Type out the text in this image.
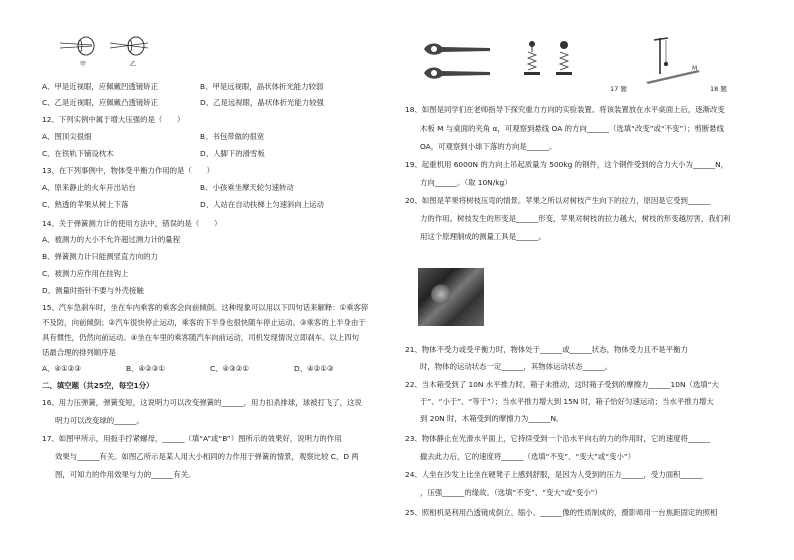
甲	乙
A、甲是近视眼，应佩戴凹透镜矫正	B、甲是远视眼，晶状体折光能力较弱
C、乙是近视眼，应佩戴凸透镜矫正	D、乙是远视眼，晶状体折光能力较强
12、下列实例中属于增大压强的是（　　）
A、图顶尖很细	B、书包带做的很宽
C、在铁轨下铺设枕木	D、人脚下的滑雪板
13、在下列事例中，物体受平衡力作用的是（　　）
A、原来静止的火车开出站台	B、小孩乘坐摩天轮匀速转动
C、熟透的苹果从树上下落	D、人站在自动扶梯上匀速斜向上运动
14、关于弹簧测力计的使用方法中，错误的是（　　）
A、被测力的大小不允许超过测力计的量程
B、弹簧测力计只能测竖直方向的力
C、被测力应作用在挂钩上
D、测量时指针不要与外壳接触
15、汽车急刹车时，坐在车内乘客的乘客会向前倾倒。这种现象可以用以下四句话来解释：①乘客猝
不及防，向前倾倒；②汽车很快停止运动，乘客的下半身也很快随车停止运动。③乘客的上半身由于
具有惯性，仍然向前运动。④坐在车里的乘客随汽车向前运动，司机发现情况立即刹车。以上四句
话最合理的排列顺序是
A、④①②③	B、④②③①	C、④③②①	D、④②①③
二、填空题（共25空，每空1分）
16、用力压弹簧，弹簧变短，这说明力可以改变弹簧的______，用力扣杀排球，球被打飞了，这说
明力可以改变球的______。
17、如图甲所示，用扳手拧紧螺母，______（填“A”或“B”）图所示的效果好，说明力的作用
效果与______有关。如图乙所示是某人用大小相同的力作用于弹簧的情景，观察比较 C、D 两
图，可知力的作用效果与力的______有关。
17 题
M
18 题
18、如图是同学们在老师指导下探究重力方向的实验装置。将该装置放在水平桌面上后，逐渐改变
木板 M 与桌面的夹角 α，可观察到悬线 OA 的方向______（选填“改变”或“不变”）；剪断悬线
OA，可观察到小球下落的方向是______。
19、起重机用 6000N 的力向上吊起质量为 500kg 的钢件，这个钢件受到的合力大小为______N，
方向______。（取 10N/kg）
20、如图是苹果将树枝压弯的情景。苹果之所以对树枝产生向下的拉力，原因是它受到______
力的作用。树枝发生的形变是______形变，苹果对树枝的拉力越大，树枝的形变越厉害，我们利
用这个原理制成的测量工具是______。
21、物体不受力或受平衡力时，物体处于______或______状态，物体受力且不是平衡力
时，物体的运动状态一定______，其物体运动状态______。
22、当木箱受到了 10N 水平推力时，箱子未推动，这时箱子受到的摩擦力______10N（选填“大
于”、“小于”、“等于”）；当水平推力增大到 15N 时，箱子恰好匀速运动；当水平推力增大
到 20N 时，木箱受到的摩擦力为______N。
23、物体静止在光滑水平面上，它持续受到一个沿水平向右的力的作用时，它的速度将______
撤去此力后，它的速度将______（选填“不变”、“变大”或“变小”）
24、人坐在沙发上比坐在硬凳子上感到舒服，是因为人受到的压力______，受力面积______
，压强______的缘故。（选填“不变”、“变大”或“变小”）
25、照相机是利用凸透镜成倒立、缩小、______像的性质制成的，摄影师用一台焦距固定的照相
